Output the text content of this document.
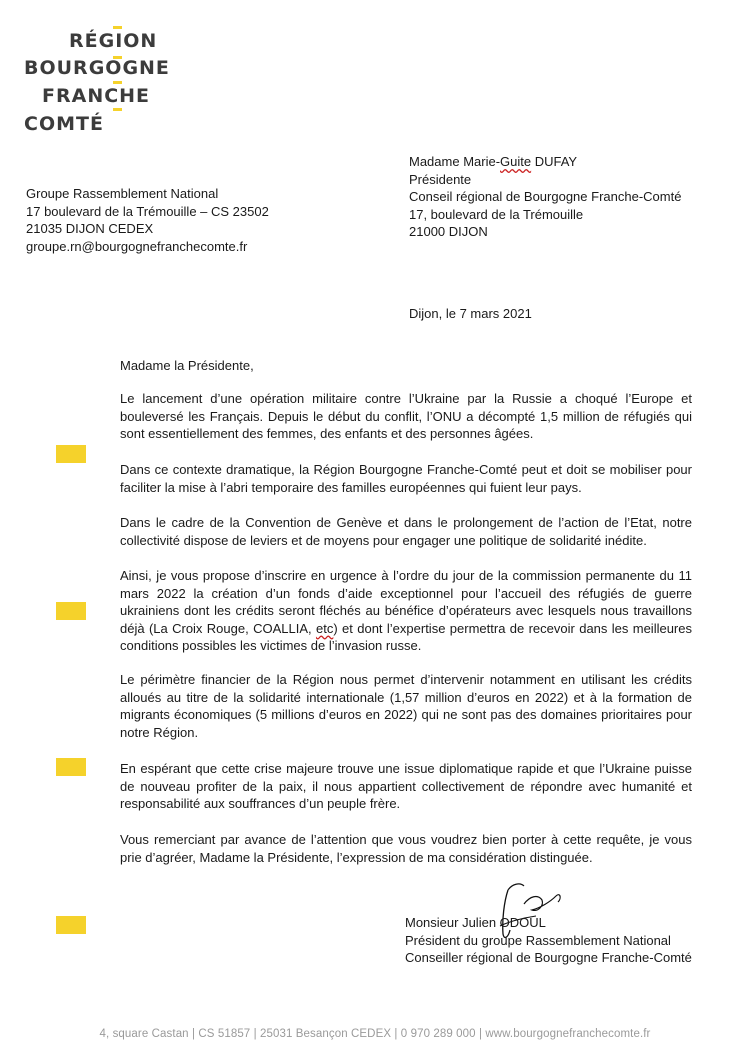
RÉGION
BOURGOGNE
FRANCHE
COMTÉ
Madame Marie-Guite DUFAY
Présidente
Conseil régional de Bourgogne Franche-Comté
17, boulevard de la Trémouille
21000 DIJON
Groupe Rassemblement National
17 boulevard de la Trémouille – CS 23502
21035 DIJON CEDEX
groupe.rn@bourgognefranchecomte.fr
Dijon, le 7 mars 2021
Madame la Présidente,
Le lancement d’une opération militaire contre l’Ukraine par la Russie a choqué l’Europe et bouleversé les Français. Depuis le début du conflit, l’ONU a décompté 1,5 million de réfugiés qui sont essentiellement des femmes, des enfants et des personnes âgées.
Dans ce contexte dramatique, la Région Bourgogne Franche-Comté peut et doit se mobiliser pour faciliter la mise à l’abri temporaire des familles européennes qui fuient leur pays.
Dans le cadre de la Convention de Genève et dans le prolongement de l’action de l’Etat, notre collectivité dispose de leviers et de moyens pour engager une politique de solidarité inédite.
Ainsi, je vous propose d’inscrire en urgence à l’ordre du jour de la commission permanente du 11 mars 2022 la création d’un fonds d’aide exceptionnel pour l’accueil des réfugiés de guerre ukrainiens dont les crédits seront fléchés au bénéfice d’opérateurs avec lesquels nous travaillons déjà (La Croix Rouge, COALLIA, etc) et dont l’expertise permettra de recevoir dans les meilleures conditions possibles les victimes de l’invasion russe.
Le périmètre financier de la Région nous permet d’intervenir notamment en utilisant les crédits alloués au titre de la solidarité internationale (1,57 million d’euros en 2022) et à la formation de migrants économiques (5 millions d’euros en 2022) qui ne sont pas des domaines prioritaires pour notre Région.
En espérant que cette crise majeure trouve une issue diplomatique rapide et que l’Ukraine puisse de nouveau profiter de la paix, il nous appartient collectivement de répondre avec humanité et responsabilité aux souffrances d’un peuple frère.
Vous remerciant par avance de l’attention que vous voudrez bien porter à cette requête, je vous prie d’agréer, Madame la Présidente, l’expression de ma considération distinguée.
Monsieur Julien ODOUL
Président du groupe Rassemblement National
Conseiller régional de Bourgogne Franche-Comté
4, square Castan | CS 51857 | 25031 Besançon CEDEX | 0 970 289 000 | www.bourgognefranchecomte.fr
